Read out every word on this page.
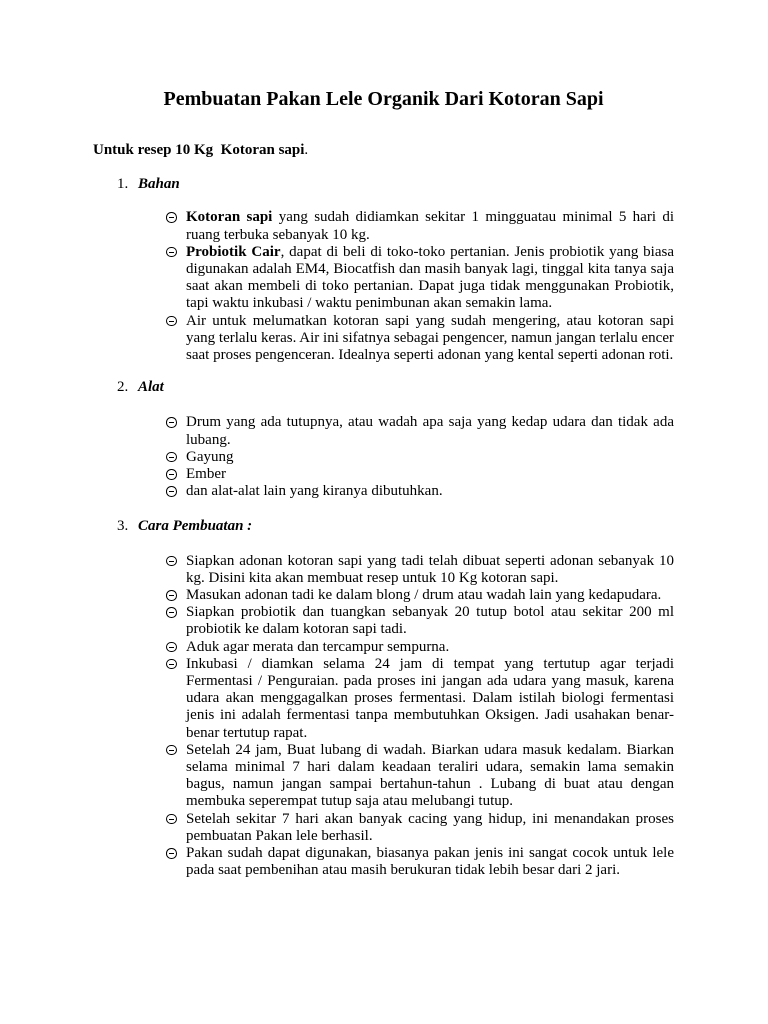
Pembuatan Pakan Lele Organik Dari Kotoran Sapi

Untuk resep 10 Kg  Kotoran sapi.

1. Bahan
Kotoran sapi yang sudah didiamkan sekitar 1 mingguatau minimal 5 hari di ruang terbuka sebanyak 10 kg.
Probiotik Cair, dapat di beli di toko-toko pertanian. Jenis probiotik yang biasa digunakan adalah EM4, Biocatfish dan masih banyak lagi, tinggal kita tanya saja saat akan membeli di toko pertanian. Dapat juga tidak menggunakan Probiotik, tapi waktu inkubasi / waktu penimbunan akan semakin lama.
Air untuk melumatkan kotoran sapi yang sudah mengering, atau kotoran sapi yang terlalu keras. Air ini sifatnya sebagai pengencer, namun jangan terlalu encer saat proses pengenceran. Idealnya seperti adonan yang kental seperti adonan roti.
2. Alat
Drum yang ada tutupnya, atau wadah apa saja yang kedap udara dan tidak ada lubang.
Gayung
Ember
dan alat-alat lain yang kiranya dibutuhkan.
3. Cara Pembuatan :
Siapkan adonan kotoran sapi yang tadi telah dibuat seperti adonan sebanyak 10 kg. Disini kita akan membuat resep untuk 10 Kg kotoran sapi.
Masukan adonan tadi ke dalam blong / drum atau wadah lain yang kedapudara.
Siapkan probiotik dan tuangkan sebanyak 20 tutup botol atau sekitar 200 ml probiotik ke dalam kotoran sapi tadi.
Aduk agar merata dan tercampur sempurna.
Inkubasi / diamkan selama 24 jam di tempat yang tertutup agar terjadi Fermentasi / Penguraian. pada proses ini jangan ada udara yang masuk, karena udara akan menggagalkan proses fermentasi. Dalam istilah biologi fermentasi jenis ini adalah fermentasi tanpa membutuhkan Oksigen. Jadi usahakan benar-benar tertutup rapat.
Setelah 24 jam, Buat lubang di wadah. Biarkan udara masuk kedalam. Biarkan selama minimal 7 hari dalam keadaan teraliri udara, semakin lama semakin bagus, namun jangan sampai bertahun-tahun . Lubang di buat atau dengan membuka seperempat tutup saja atau melubangi tutup.
Setelah sekitar 7 hari akan banyak cacing yang hidup, ini menandakan proses pembuatan Pakan lele berhasil.
Pakan sudah dapat digunakan, biasanya pakan jenis ini sangat cocok untuk lele pada saat pembenihan atau masih berukuran tidak lebih besar dari 2 jari.
